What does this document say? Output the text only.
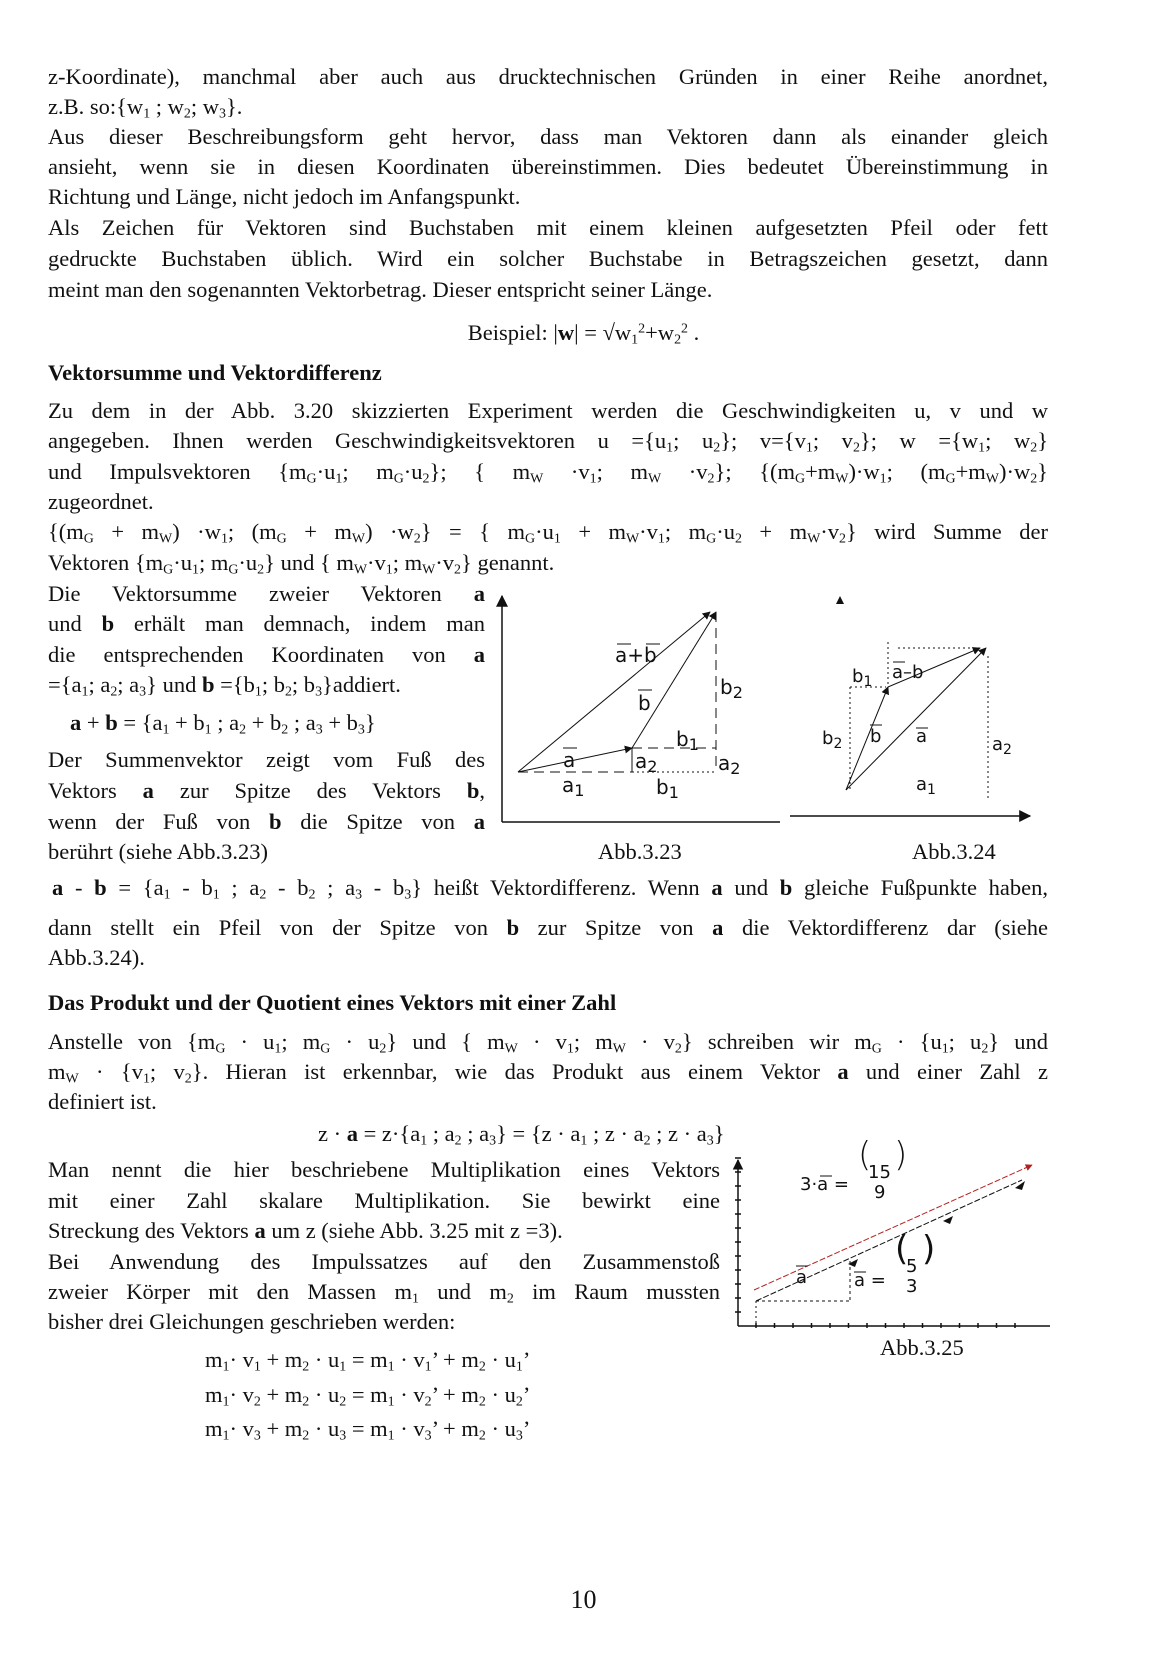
z-Koordinate), manchmal aber auch aus drucktechnischen Gründen in einer Reihe anordnet,
z.B. $so:\{w_1$ ; $w_2$; $w_3$}.
Aus dieser Beschreibungsform geht hervor, dass man Vektoren dann als einander gleich
ansieht, wenn sie in diesen Koordinaten übereinstimmen. Dies bedeutet Übereinstimmung in
Richtung und Länge, nicht jedoch im Anfangspunkt.
Als Zeichen für Vektoren sind Buchstaben mit einem kleinen aufgesetzten Pfeil oder fett
gedruckte Buchstaben üblich. Wird ein solcher Buchstabe in Betragszeichen gesetzt, dann
meint man den sogenannten Vektorbetrag. Dieser entspricht seiner Länge.
Beispiel: $|w| = √w_1^2+w_2^2$ .
Vektorsumme und Vektordifferenz
Zu dem in der Abb. 3.20 skizzierten Experiment werden die Geschwindigkeiten u, v und w
angegeben. Ihnen werden Geschwindigkeitsvektoren $u =\{u_1$; $u_2$}; $v=\{v_1$; $v_2$}; $w =\{w_1$; $w_2$}
und Impulsvektoren {$m_G\cdot u_1$; $m_G\cdot u_2$}; { $m_W \cdot v_1$; $m_W \cdot v_2$}; {$(m_G+m_W)\cdot w_1$; $(m_G+m_W)\cdot w_2$}
zugeordnet.
{$(m_G + m_W) \cdot w_1$; $(m_G + m_W) \cdot w_2$} = { $m_G\cdot u_1 + m_W\cdot v_1$; $m_G\cdot u_2 + m_W\cdot v_2$} wird Summe der
Vektoren {$m_G\cdot u_1$; $m_G\cdot u_2$} und { $m_W\cdot v_1$; $m_W\cdot v_2$} genannt.
Die Vektorsumme zweier Vektoren a
und b erhält man demnach, indem man
die entsprechenden Koordinaten von a
$=\{a_1$; $a_2$; $a_3$} und $b =\{b_1$; $b_2$; $b_3\}addiert$.
$a + b = \{a_1 + b_1$ ; $a_2 + b_2$ ; $a_3 + b_3$}
Der Summenvektor zeigt vom Fuß des
Vektors a zur Spitze des Vektors b,
wenn der Fuß von b die Spitze von a
berührt (siehe Abb.3.23)	Abb.3.23	Abb.3.24
$a - b = \{a_1 - b_1$ ; $a_2 - b_2$ ; $a_3 - b_3$} heißt Vektordifferenz. Wenn a und b gleiche Fußpunkte haben,
dann stellt ein Pfeil von der Spitze von b zur Spitze von a die Vektordifferenz dar (siehe
Abb.3.24).
Das Produkt und der Quotient eines Vektors mit einer Zahl
Anstelle von {$m_G \cdot u_1$; $m_G \cdot u_2$} und { $m_W \cdot v_1$; $m_W \cdot v_2$} schreiben wir $m_G \cdot \{u_1$; $u_2$} und
$m_W \cdot \{v_1$; $v_2$}. Hieran ist erkennbar, wie das Produkt aus einem Vektor a und einer Zahl z
definiert ist.
$z \cdot a = z\cdot\{a_1$ ; $a_2$ ; $a_3\} = \{z \cdot a_1$ ; $z \cdot a_2$ ; $z \cdot a_3$}
Man nennt die hier beschriebene Multiplikation eines Vektors
mit einer Zahl skalare Multiplikation. Sie bewirkt eine
Streckung des Vektors a um z (siehe Abb. 3.25 mit z =3).
Bei Anwendung des Impulssatzes auf den Zusammenstoß
zweier Körper mit den Massen $m_1$ und $m_2$ im Raum mussten
bisher drei Gleichungen geschrieben werden:
$m_1\cdot v_1 + m_2 \cdot u_1 = m_1 \cdot v_1$’ + $m_2 \cdot u_1$’
$m_1\cdot v_2 + m_2 \cdot u_2 = m_1 \cdot v_2$’ + $m_2 \cdot u_2$’
$m_1\cdot v_3 + m_2 \cdot u_3 = m_1 \cdot v_3$’ + $m_2 \cdot u_3$’
Abb.3.25
10
a+b
b
a
$b_2$
$b_1$
$a_2$	$a_2$
$a_1$	$b_1$
$b_1$ a–b
$b_2$ b a	$a_2$
$a_1$
3·a =
(
15
9
)
a	a =
(
5
3
)
